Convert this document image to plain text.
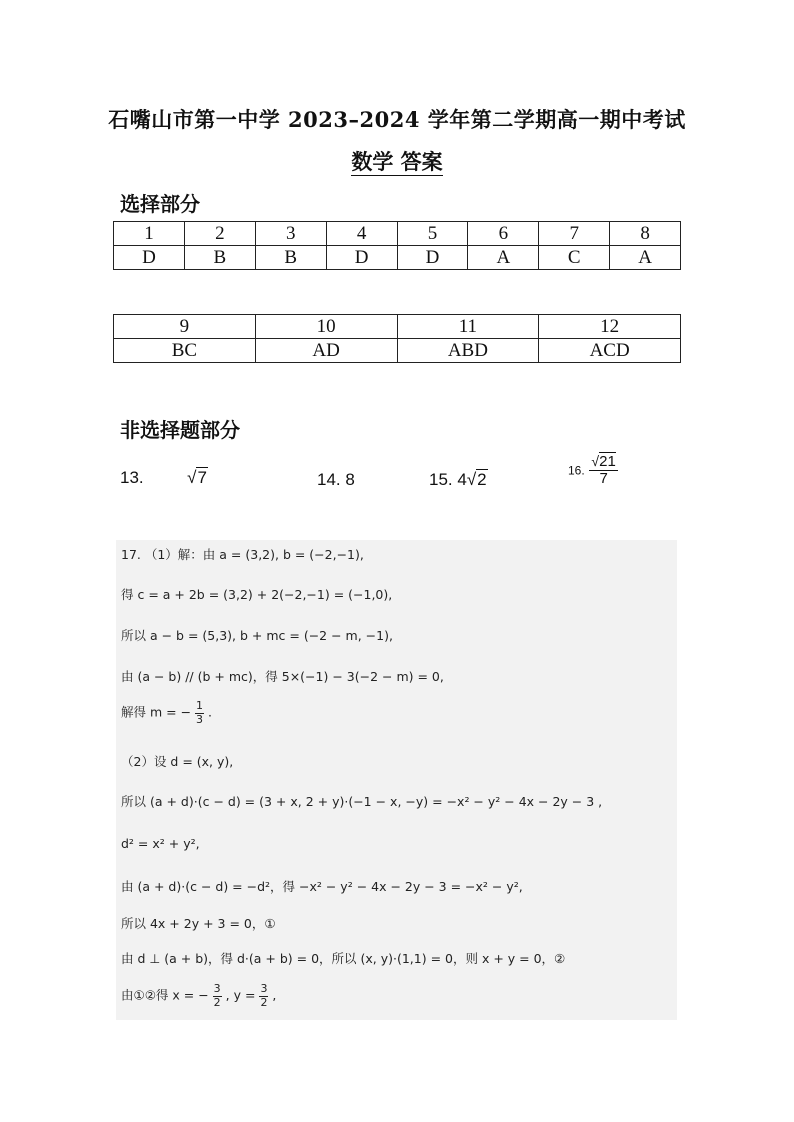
石嘴山市第一中学 2023–2024 学年第二学期高一期中考试
数学 答案
选择部分
1	2	3	4	5	6	7	8
D	B	B	D	D	A	C	A
9	10	11	12
BC	AD	ABD	ACD
非选择题部分
13.	√7	14. 8	15. 4√2	16. $\frac{√21}{7}$
17. （1）解：由 a = (3,2), b = (−2,−1),
得 c = a + 2b = (3,2) + 2(−2,−1) = (−1,0),
所以 a − b = (5,3), b + mc = (−2 − m, −1),
由 (a − b) // (b + mc)，得 5×(−1) − 3(−2 − m) = 0,
解得 m = − $\frac{1}{3}$ .
（2）设 d = (x, y),
所以 (a + d)·(c − d) = (3 + x, 2 + y)·(−1 − x, −y) = −x² − y² − 4x − 2y − 3 ,
d² = x² + y²,
由 (a + d)·(c − d) = −d²，得 −x² − y² − 4x − 2y − 3 = −x² − y²,
所以 4x + 2y + 3 = 0，①
由 d ⊥ (a + b)，得 d·(a + b) = 0，所以 (x, y)·(1,1) = 0，则 x + y = 0，②
由①②得 x = − $\frac{3}{2}$ , $y = \frac{3}{2}$ ,
